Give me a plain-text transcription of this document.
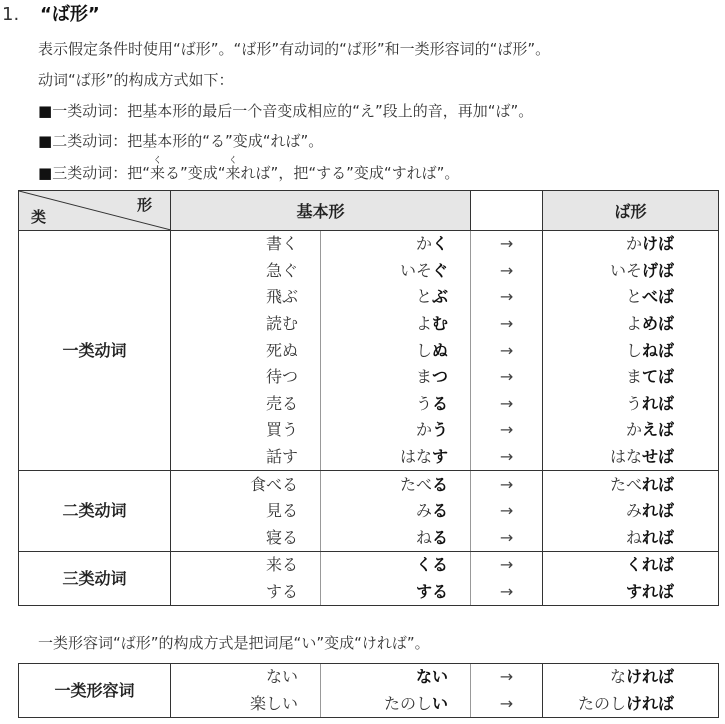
1. “ば形”
表示假定条件时使用“ば形”。“ば形”有动词的“ば形”和一类形容词的“ば形”。
动词“ば形”的构成方式如下：
■一类动词：把基本形的最后一个音变成相应的“え”段上的音，再加“ば”。
■二类动词：把基本形的“る”变成“れば”。
■三类动词：把“
く
来る”变成“
く
来れば”，把“する”变成“すれば”。
类
形	基本形			ば形
一类动词	書く	かく	→	かけば
	急ぐ	いそぐ	→	いそげば
	飛ぶ	とぶ	→	とべば
	読む	よむ	→	よめば
	死ぬ	しぬ	→	しねば
	待つ	まつ	→	まてば
	売る	うる	→	うれば
	買う	かう	→	かえば
	話す	はなす	→	はなせば
二类动词	食べる	たべる	→	たべれば
	見る	みる	→	みれば
	寝る	ねる	→	ねれば
三类动词	来る	くる	→	くれば
	する	する	→	すれば
一类形容词“ば形”的构成方式是把词尾“い”变成“ければ”。
一类形容词	ない	ない	→	なければ
	楽しい	たのしい	→	たのしければ
